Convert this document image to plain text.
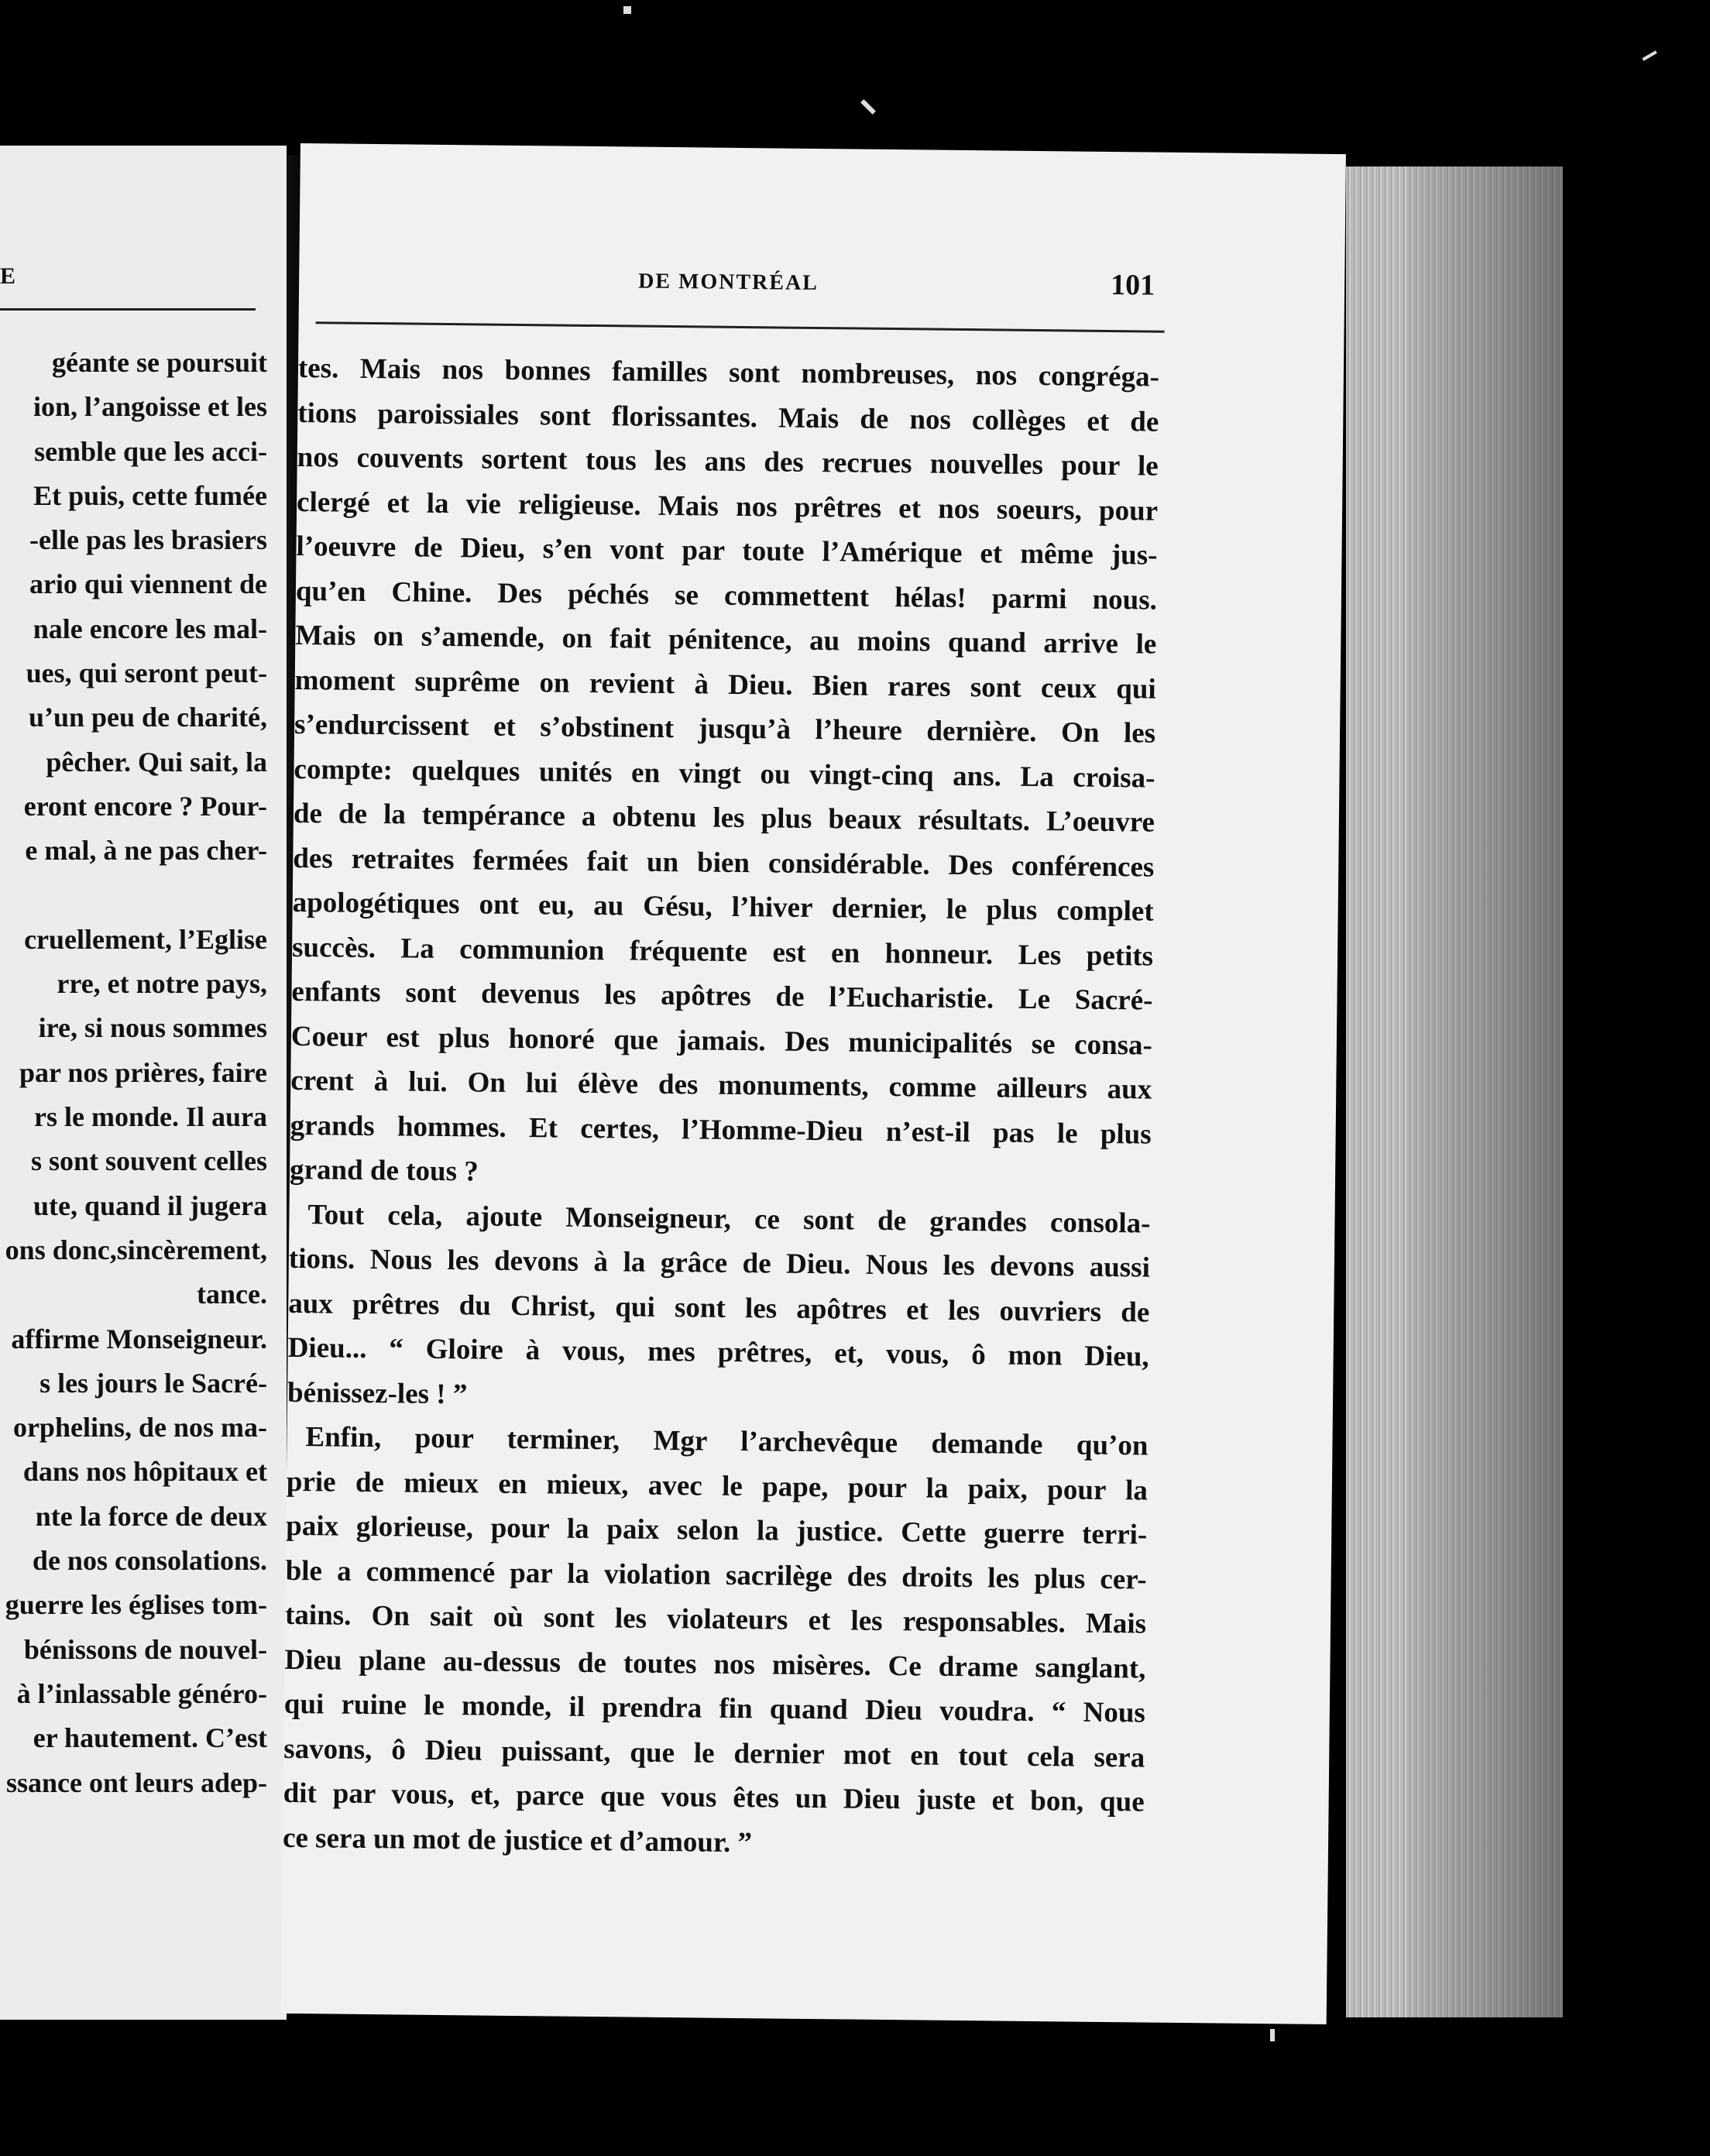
E
géante se poursuit
ion, l’angoisse et les
semble que les acci-
Et puis, cette fumée
-elle pas les brasiers
ario qui viennent de
nale encore les mal-
ues, qui seront peut-
u’un peu de charité,
pêcher. Qui sait, la
eront encore ? Pour-
e mal, à ne pas cher-
cruellement, l’Eglise
rre, et notre pays,
ire, si nous sommes
par nos prières, faire
rs le monde. Il aura
s sont souvent celles
ute, quand il jugera
ons donc,sincèrement,
tance.
affirme Monseigneur.
s les jours le Sacré-
orphelins, de nos ma-
dans nos hôpitaux et
nte la force de deux
de nos consolations.
guerre les églises tom-
bénissons de nouvel-
à l’inlassable généro-
er hautement. C’est
ssance ont leurs adep-
DE MONTRÉAL	101
tes. Mais nos bonnes familles sont nombreuses, nos congréga-
tions paroissiales sont florissantes. Mais de nos collèges et de
nos couvents sortent tous les ans des recrues nouvelles pour le
clergé et la vie religieuse. Mais nos prêtres et nos soeurs, pour
l’oeuvre de Dieu, s’en vont par toute l’Amérique et même jus-
qu’en Chine. Des péchés se commettent hélas! parmi nous.
Mais on s’amende, on fait pénitence, au moins quand arrive le
moment suprême on revient à Dieu. Bien rares sont ceux qui
s’endurcissent et s’obstinent jusqu’à l’heure dernière. On les
compte: quelques unités en vingt ou vingt-cinq ans. La croisa-
de de la tempérance a obtenu les plus beaux résultats. L’oeuvre
des retraites fermées fait un bien considérable. Des conférences
apologétiques ont eu, au Gésu, l’hiver dernier, le plus complet
succès. La communion fréquente est en honneur. Les petits
enfants sont devenus les apôtres de l’Eucharistie. Le Sacré-
Coeur est plus honoré que jamais. Des municipalités se consa-
crent à lui. On lui élève des monuments, comme ailleurs aux
grands hommes. Et certes, l’Homme-Dieu n’est-il pas le plus
grand de tous ?
Tout cela, ajoute Monseigneur, ce sont de grandes consola-
tions. Nous les devons à la grâce de Dieu. Nous les devons aussi
aux prêtres du Christ, qui sont les apôtres et les ouvriers de
Dieu... “ Gloire à vous, mes prêtres, et, vous, ô mon Dieu,
bénissez-les ! ”
Enfin, pour terminer, Mgr l’archevêque demande qu’on
prie de mieux en mieux, avec le pape, pour la paix, pour la
paix glorieuse, pour la paix selon la justice. Cette guerre terri-
ble a commencé par la violation sacrilège des droits les plus cer-
tains. On sait où sont les violateurs et les responsables. Mais
Dieu plane au-dessus de toutes nos misères. Ce drame sanglant,
qui ruine le monde, il prendra fin quand Dieu voudra. “ Nous
savons, ô Dieu puissant, que le dernier mot en tout cela sera
dit par vous, et, parce que vous êtes un Dieu juste et bon, que
ce sera un mot de justice et d’amour. ”
